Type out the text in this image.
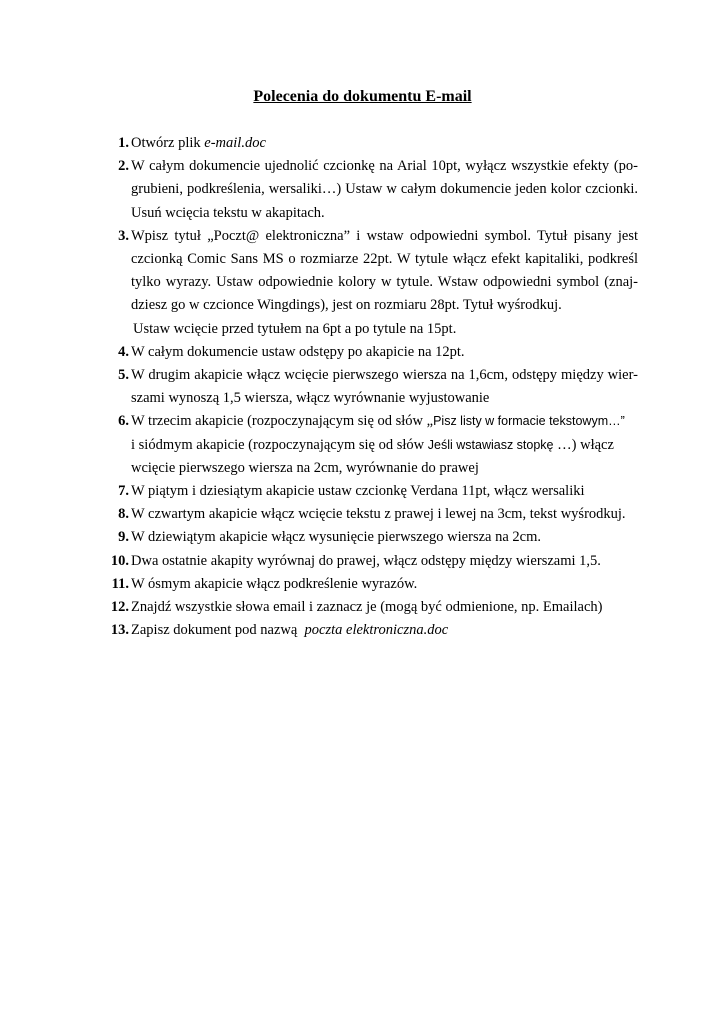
Polecenia do dokumentu E-mail
1. Otwórz plik e-mail.doc
2. W całym dokumencie ujednolić czcionkę na Arial 10pt, wyłącz wszystkie efekty (po-
grubieni, podkreślenia, wersaliki…) Ustaw w całym dokumencie jeden kolor czcionki.
Usuń wcięcia tekstu w akapitach.
3. Wpisz tytuł „Poczt@ elektroniczna” i wstaw odpowiedni symbol. Tytuł pisany jest
czcionką Comic Sans MS o rozmiarze 22pt. W tytule włącz efekt kapitaliki, podkreśl
tylko wyrazy. Ustaw odpowiednie kolory w tytule. Wstaw odpowiedni symbol (znaj-
dziesz go w czcionce Wingdings), jest on rozmiaru 28pt. Tytuł wyśrodkuj.
Ustaw wcięcie przed tytułem na 6pt a po tytule na 15pt.
4. W całym dokumencie ustaw odstępy po akapicie na 12pt.
5. W drugim akapicie włącz wcięcie pierwszego wiersza na 1,6cm, odstępy między wier-
szami wynoszą 1,5 wiersza, włącz wyrównanie wyjustowanie
6. W trzecim akapicie (rozpoczynającym się od słów „Pisz listy w formacie tekstowym…”
i siódmym akapicie (rozpoczynającym się od słów Jeśli wstawiasz stopkę …) włącz
wcięcie pierwszego wiersza na 2cm, wyrównanie do prawej
7. W piątym i dziesiątym akapicie ustaw czcionkę Verdana 11pt, włącz wersaliki
8. W czwartym akapicie włącz wcięcie tekstu z prawej i lewej na 3cm, tekst wyśrodkuj.
9. W dziewiątym akapicie włącz wysunięcie pierwszego wiersza na 2cm.
10. Dwa ostatnie akapity wyrównaj do prawej, włącz odstępy między wierszami 1,5.
11. W ósmym akapicie włącz podkreślenie wyrazów.
12. Znajdź wszystkie słowa email i zaznacz je (mogą być odmienione, np. Emailach)
13. Zapisz dokument pod nazwą  poczta elektroniczna.doc
